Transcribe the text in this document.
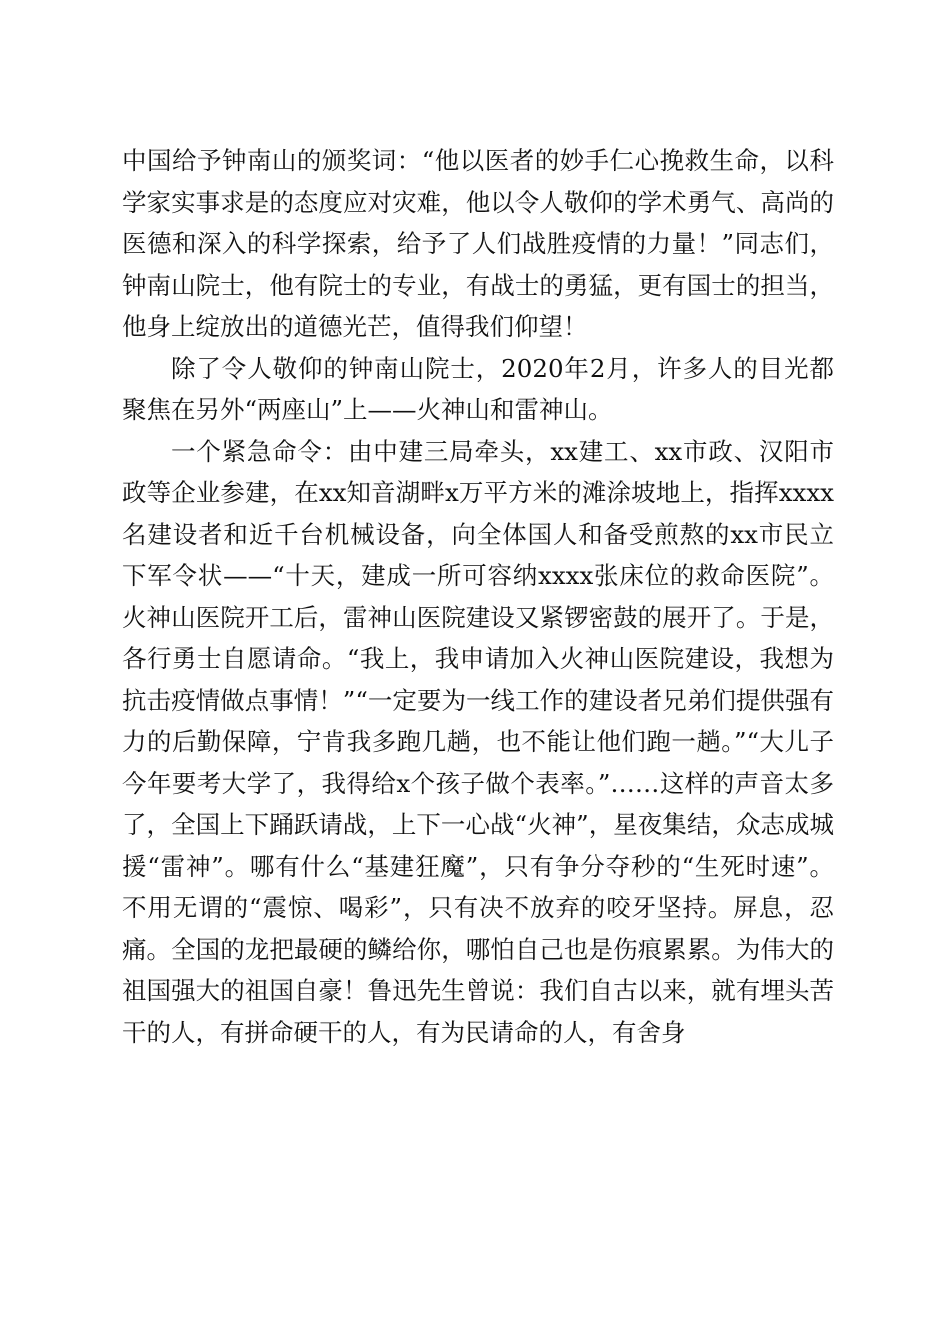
中国给予钟南山的颁奖词：“他以医者的妙手仁心挽救生命，以科学家实事求是的态度应对灾难，他以令人敬仰的学术勇气、高尚的医德和深入的科学探索，给予了人们战胜疫情的力量！”同志们，钟南山院士，他有院士的专业，有战士的勇猛，更有国士的担当，他身上绽放出的道德光芒，值得我们仰望！

除了令人敬仰的钟南山院士，2020年2月，许多人的目光都聚焦在另外“两座山”上——火神山和雷神山。

一个紧急命令：由中建三局牵头，xx建工、xx市政、汉阳市政等企业参建，在xx知音湖畔x万平方米的滩涂坡地上，指挥xxxx名建设者和近千台机械设备，向全体国人和备受煎熬的xx市民立下军令状——“十天，建成一所可容纳xxxx张床位的救命医院”。火神山医院开工后，雷神山医院建设又紧锣密鼓的展开了。于是，各行勇士自愿请命。“我上，我申请加入火神山医院建设，我想为抗击疫情做点事情！”“一定要为一线工作的建设者兄弟们提供强有力的后勤保障，宁肯我多跑几趟，也不能让他们跑一趟。”“大儿子今年要考大学了，我得给x个孩子做个表率。”……这样的声音太多了，全国上下踊跃请战，上下一心战“火神”，星夜集结，众志成城援“雷神”。哪有什么“基建狂魔”，只有争分夺秒的“生死时速”。不用无谓的“震惊、喝彩”，只有决不放弃的咬牙坚持。屏息，忍痛。全国的龙把最硬的鳞给你，哪怕自己也是伤痕累累。为伟大的祖国强大的祖国自豪！鲁迅先生曾说：我们自古以来，就有埋头苦干的人，有拼命硬干的人，有为民请命的人，有舍身
